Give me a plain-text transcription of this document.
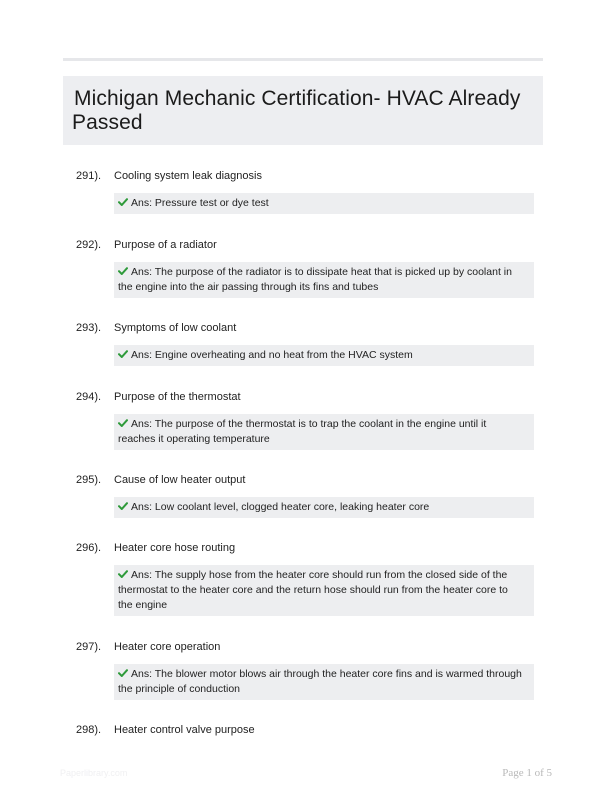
Michigan Mechanic Certification- HVAC Already
Passed
291). Cooling system leak diagnosis
Ans: Pressure test or dye test
292). Purpose of a radiator
Ans: The purpose of the radiator is to dissipate heat that is picked up by coolant in
the engine into the air passing through its fins and tubes
293). Symptoms of low coolant
Ans: Engine overheating and no heat from the HVAC system
294). Purpose of the thermostat
Ans: The purpose of the thermostat is to trap the coolant in the engine until it
reaches it operating temperature
295). Cause of low heater output
Ans: Low coolant level, clogged heater core, leaking heater core
296). Heater core hose routing
Ans: The supply hose from the heater core should run from the closed side of the
thermostat to the heater core and the return hose should run from the heater core to
the engine
297). Heater core operation
Ans: The blower motor blows air through the heater core fins and is warmed through
the principle of conduction
298). Heater control valve purpose
Paperlibrary.com	Page 1 of 5
